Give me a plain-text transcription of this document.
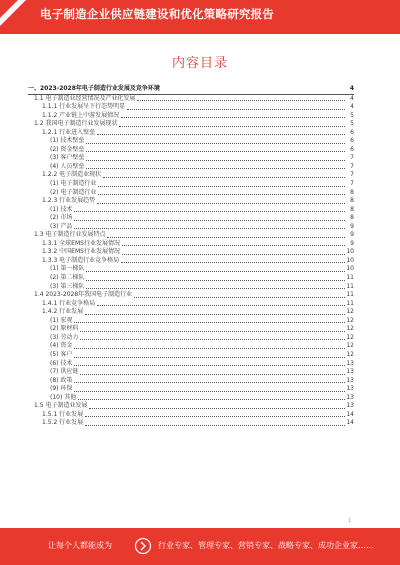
电子制造企业供应链建设和优化策略研究报告
内容目录
一、2023-2028年电子制造行业发展及竞争环境	4
1.1 电子制造业经营情况及产业化发展	4
1.1.1 行业发展呈下行态势明显	4
1.1.2 产业链上中游发展情况	5
1.2 我国电子制造行业发展现状	5
1.2.1 行业进入壁垒	6
(1) 技术壁垒	6
(2) 资金壁垒	6
(3) 客户壁垒	7
(4) 人员壁垒	7
1.2.2 电子制造业现状	7
(1) 电子制造行业	7
(2) 电子制造行业	8
1.2.3 行业发展趋势	8
(1) 技术	8
(2) 市场	8
(3) 产品	9
1.3 电子制造行业发展特点	9
1.3.1 全球EMS行业发展情况	9
1.3.2 中国EMS行业发展情况	10
1.3.3 电子制造行业竞争格局	10
(1) 第一梯队	10
(2) 第二梯队	11
(3) 第三梯队	11
1.4 2023-2028年我国电子制造行业	11
1.4.1 行业竞争格局	11
1.4.2 行业发展	12
(1) 宏观	12
(2) 原材料	12
(3) 劳动力	12
(4) 资金	12
(5) 客户	12
(6) 技术	13
(7) 供应链	13
(8) 政策	13
(9) 环保	13
(10) 其他	13
1.5 电子制造业发展	13
1.5.1 行业发展	14
1.5.2 行业发展	14
1
让每个人都能成为	行业专家、管理专家、营销专家、战略专家、成功企业家……
